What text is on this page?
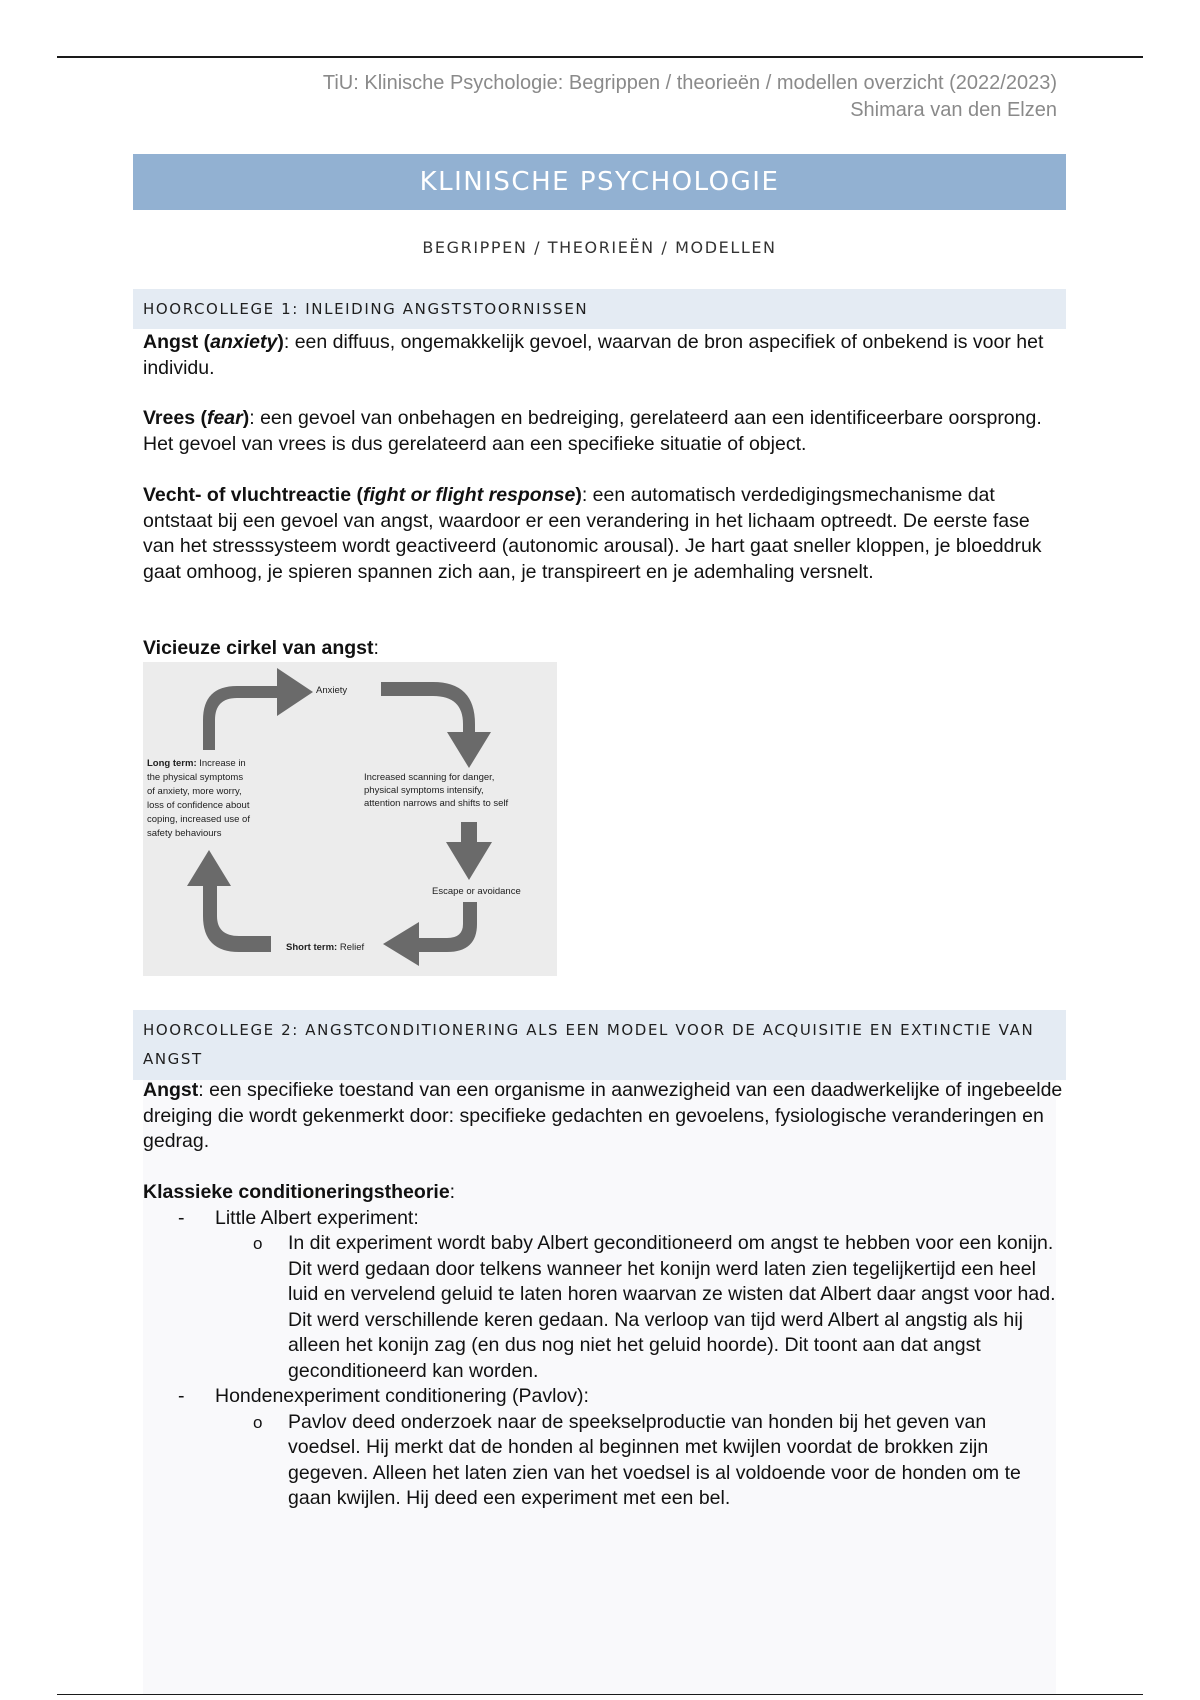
TiU: Klinische Psychologie: Begrippen / theorieën / modellen overzicht (2022/2023)
Shimara van den Elzen
KLINISCHE PSYCHOLOGIE
BEGRIPPEN / THEORIEËN / MODELLEN
HOORCOLLEGE 1: INLEIDING ANGSTSTOORNISSEN

Angst (anxiety): een diffuus, ongemakkelijk gevoel, waarvan de bron aspecifiek of onbekend is voor het individu.

Vrees (fear): een gevoel van onbehagen en bedreiging, gerelateerd aan een identificeerbare oorsprong. Het gevoel van vrees is dus gerelateerd aan een specifieke situatie of object.

Vecht- of vluchtreactie (fight or flight response): een automatisch verdedigingsmechanisme dat ontstaat bij een gevoel van angst, waardoor er een verandering in het lichaam optreedt. De eerste fase van het stresssysteem wordt geactiveerd (autonomic arousal). Je hart gaat sneller kloppen, je bloeddruk gaat omhoog, je spieren spannen zich aan, je transpireert en je ademhaling versnelt.

Vicieuze cirkel van angst:

Anxiety
Increased scanning for danger,
physical symptoms intensify,
attention narrows and shifts to self
Escape or avoidance
Short term: Relief
Long term: Increase in
the physical symptoms
of anxiety, more worry,
loss of confidence about
coping, increased use of
safety behaviours
HOORCOLLEGE 2: ANGSTCONDITIONERING ALS EEN MODEL VOOR DE ACQUISITIE EN EXTINCTIE VAN ANGST

Angst: een specifieke toestand van een organisme in aanwezigheid van een daadwerkelijke of ingebeelde dreiging die wordt gekenmerkt door: specifieke gedachten en gevoelens, fysiologische veranderingen en gedrag.

Klassieke conditioneringstheorie:

- Little Albert experiment:
o In dit experiment wordt baby Albert geconditioneerd om angst te hebben voor een konijn. Dit werd gedaan door telkens wanneer het konijn werd laten zien tegelijkertijd een heel luid en vervelend geluid te laten horen waarvan ze wisten dat Albert daar angst voor had. Dit werd verschillende keren gedaan. Na verloop van tijd werd Albert al angstig als hij alleen het konijn zag (en dus nog niet het geluid hoorde). Dit toont aan dat angst geconditioneerd kan worden.
- Hondenexperiment conditionering (Pavlov):
o Pavlov deed onderzoek naar de speekselproductie van honden bij het geven van voedsel. Hij merkt dat de honden al beginnen met kwijlen voordat de brokken zijn gegeven. Alleen het laten zien van het voedsel is al voldoende voor de honden om te gaan kwijlen. Hij deed een experiment met een bel.
